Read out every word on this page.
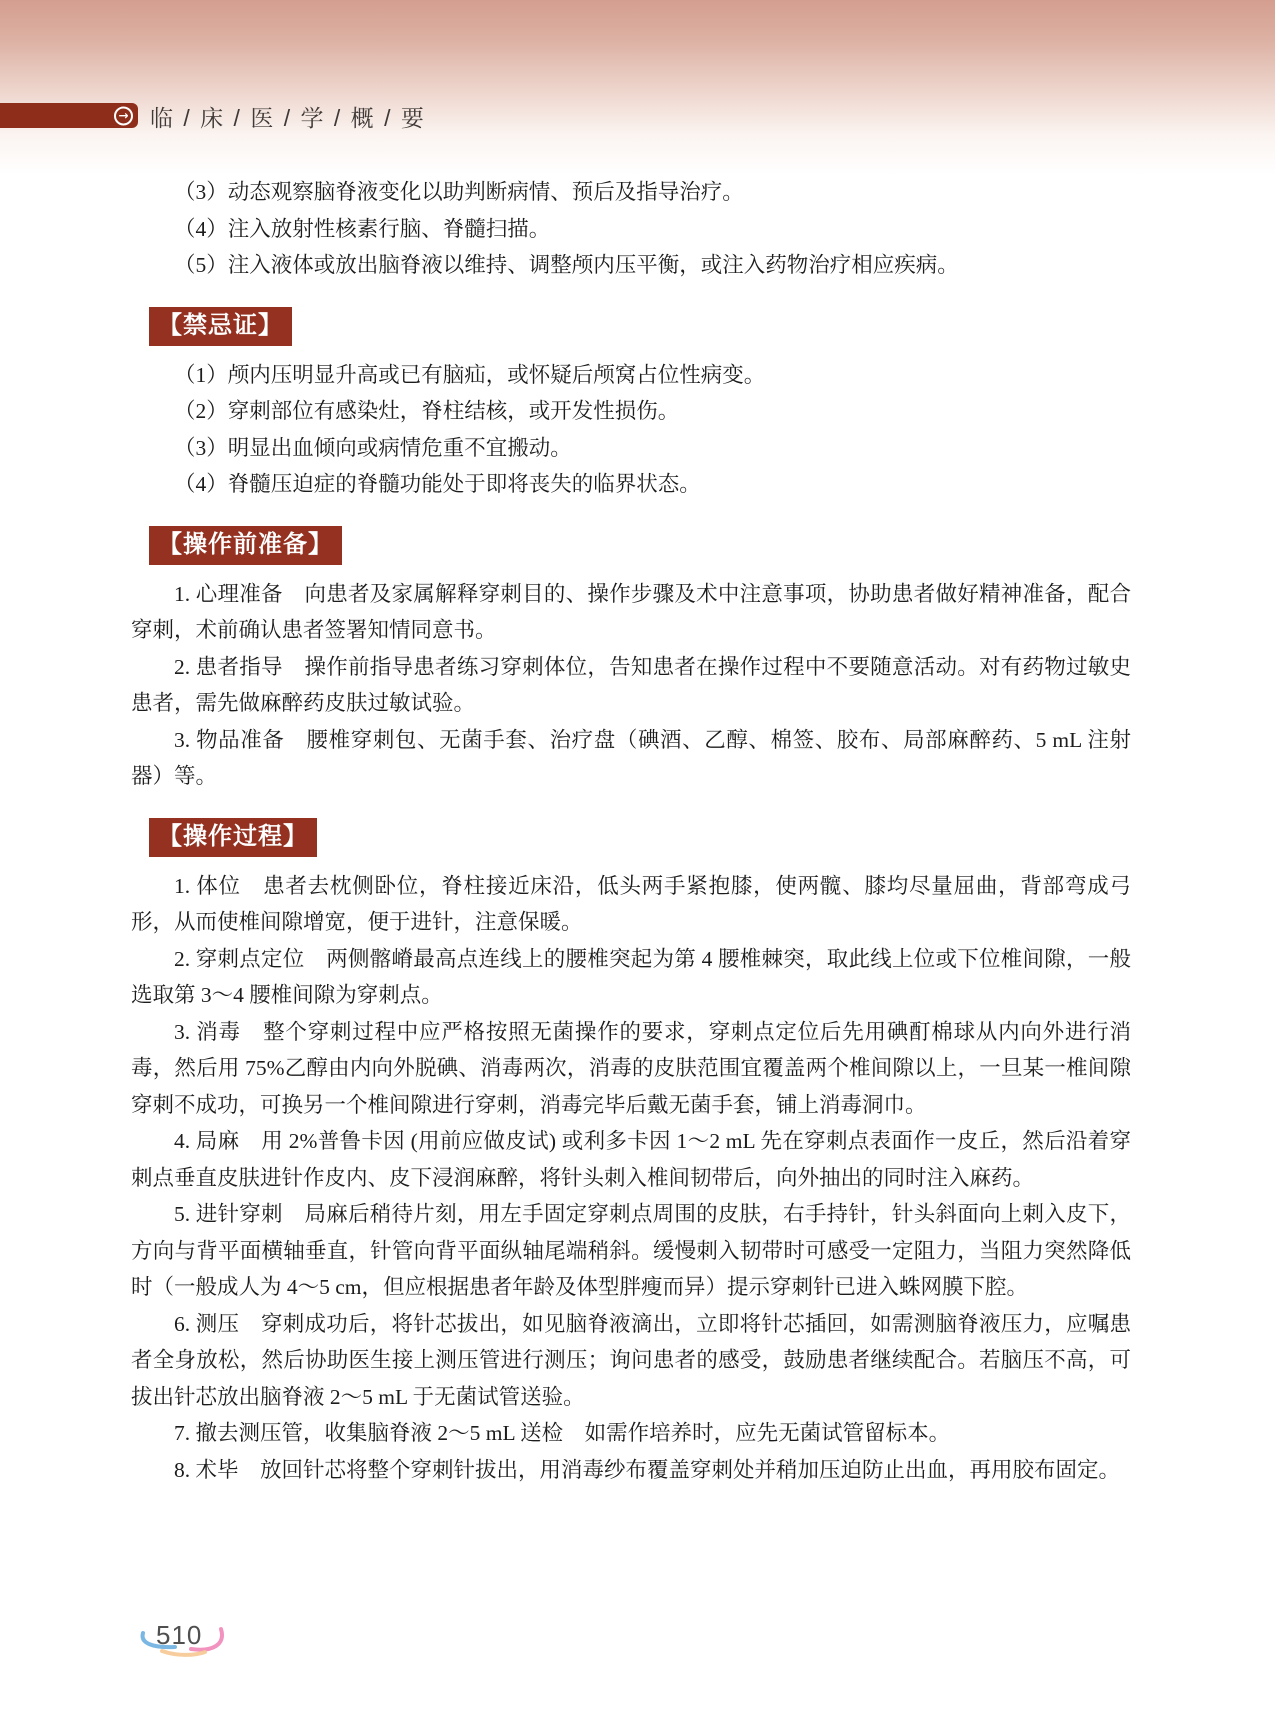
→ 临 / 床 / 医 / 学 / 概 / 要

（3）动态观察脑脊液变化以助判断病情、预后及指导治疗。

（4）注入放射性核素行脑、脊髓扫描。

（5）注入液体或放出脑脊液以维持、调整颅内压平衡，或注入药物治疗相应疾病。

【禁忌证】

（1）颅内压明显升高或已有脑疝，或怀疑后颅窝占位性病变。

（2）穿刺部位有感染灶，脊柱结核，或开发性损伤。

（3）明显出血倾向或病情危重不宜搬动。

（4）脊髓压迫症的脊髓功能处于即将丧失的临界状态。

【操作前准备】

1. 心理准备　向患者及家属解释穿刺目的、操作步骤及术中注意事项，协助患者做好精神准备，配合穿刺，术前确认患者签署知情同意书。

2. 患者指导　操作前指导患者练习穿刺体位，告知患者在操作过程中不要随意活动。对有药物过敏史患者，需先做麻醉药皮肤过敏试验。

3. 物品准备　腰椎穿刺包、无菌手套、治疗盘（碘酒、乙醇、棉签、胶布、局部麻醉药、5 mL 注射器）等。

【操作过程】

1. 体位　患者去枕侧卧位，脊柱接近床沿，低头两手紧抱膝，使两髋、膝均尽量屈曲，背部弯成弓形，从而使椎间隙增宽，便于进针，注意保暖。

2. 穿刺点定位　两侧髂嵴最高点连线上的腰椎突起为第 4 腰椎棘突，取此线上位或下位椎间隙，一般选取第 3～4 腰椎间隙为穿刺点。

3. 消毒　整个穿刺过程中应严格按照无菌操作的要求，穿刺点定位后先用碘酊棉球从内向外进行消毒，然后用 75%乙醇由内向外脱碘、消毒两次，消毒的皮肤范围宜覆盖两个椎间隙以上，一旦某一椎间隙穿刺不成功，可换另一个椎间隙进行穿刺，消毒完毕后戴无菌手套，铺上消毒洞巾。

4. 局麻　用 2%普鲁卡因 (用前应做皮试) 或利多卡因 1～2 mL 先在穿刺点表面作一皮丘，然后沿着穿刺点垂直皮肤进针作皮内、皮下浸润麻醉，将针头刺入椎间韧带后，向外抽出的同时注入麻药。

5. 进针穿刺　局麻后稍待片刻，用左手固定穿刺点周围的皮肤，右手持针，针头斜面向上刺入皮下，方向与背平面横轴垂直，针管向背平面纵轴尾端稍斜。缓慢刺入韧带时可感受一定阻力，当阻力突然降低时（一般成人为 4～5 cm，但应根据患者年龄及体型胖瘦而异）提示穿刺针已进入蛛网膜下腔。

6. 测压　穿刺成功后，将针芯拔出，如见脑脊液滴出，立即将针芯插回，如需测脑脊液压力，应嘱患者全身放松，然后协助医生接上测压管进行测压；询问患者的感受，鼓励患者继续配合。若脑压不高，可拔出针芯放出脑脊液 2～5 mL 于无菌试管送验。

7. 撤去测压管，收集脑脊液 2～5 mL 送检　如需作培养时，应先无菌试管留标本。

8. 术毕　放回针芯将整个穿刺针拔出，用消毒纱布覆盖穿刺处并稍加压迫防止出血，再用胶布固定。

510
